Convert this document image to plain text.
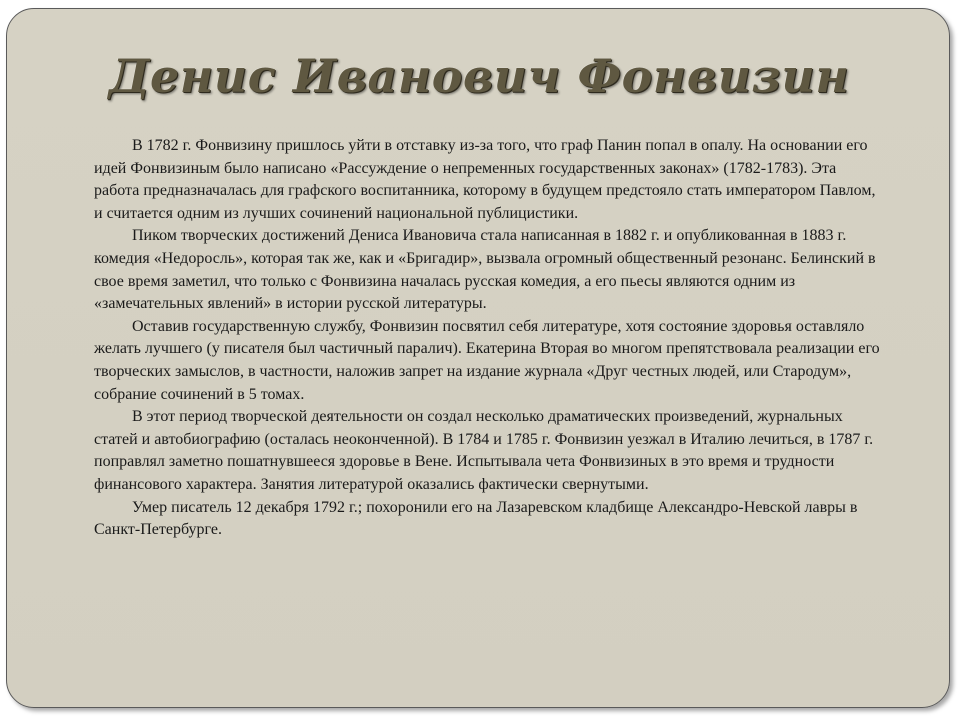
Денис Иванович Фонвизин

В 1782 г. Фонвизину пришлось уйти в отставку из-за того, что граф Панин попал в опалу. На основании его идей Фонвизиным было написано «Рассуждение о непременных государственных законах» (1782-1783). Эта работа предназначалась для графского воспитанника, которому в будущем предстояло стать императором Павлом, и считается одним из лучших сочинений национальной публицистики.

Пиком творческих достижений Дениса Ивановича стала написанная в 1882 г. и опубликованная в 1883 г. комедия «Недоросль», которая так же, как и «Бригадир», вызвала огромный общественный резонанс. Белинский в свое время заметил, что только с Фонвизина началась русская комедия, а его пьесы являются одним из «замечательных явлений» в истории русской литературы.

Оставив государственную службу, Фонвизин посвятил себя литературе, хотя состояние здоровья оставляло желать лучшего (у писателя был частичный паралич). Екатерина Вторая во многом препятствовала реализации его творческих замыслов, в частности, наложив запрет на издание журнала «Друг честных людей, или Стародум», собрание сочинений в 5 томах.

В этот период творческой деятельности он создал несколько драматических произведений, журнальных статей и автобиографию (осталась неоконченной). В 1784 и 1785 г. Фонвизин уезжал в Италию лечиться, в 1787 г. поправлял заметно пошатнувшееся здоровье в Вене. Испытывала чета Фонвизиных в это время и трудности финансового характера. Занятия литературой оказались фактически свернутыми.

Умер писатель 12 декабря 1792 г.; похоронили его на Лазаревском кладбище Александро-Невской лавры в Санкт-Петербурге.
